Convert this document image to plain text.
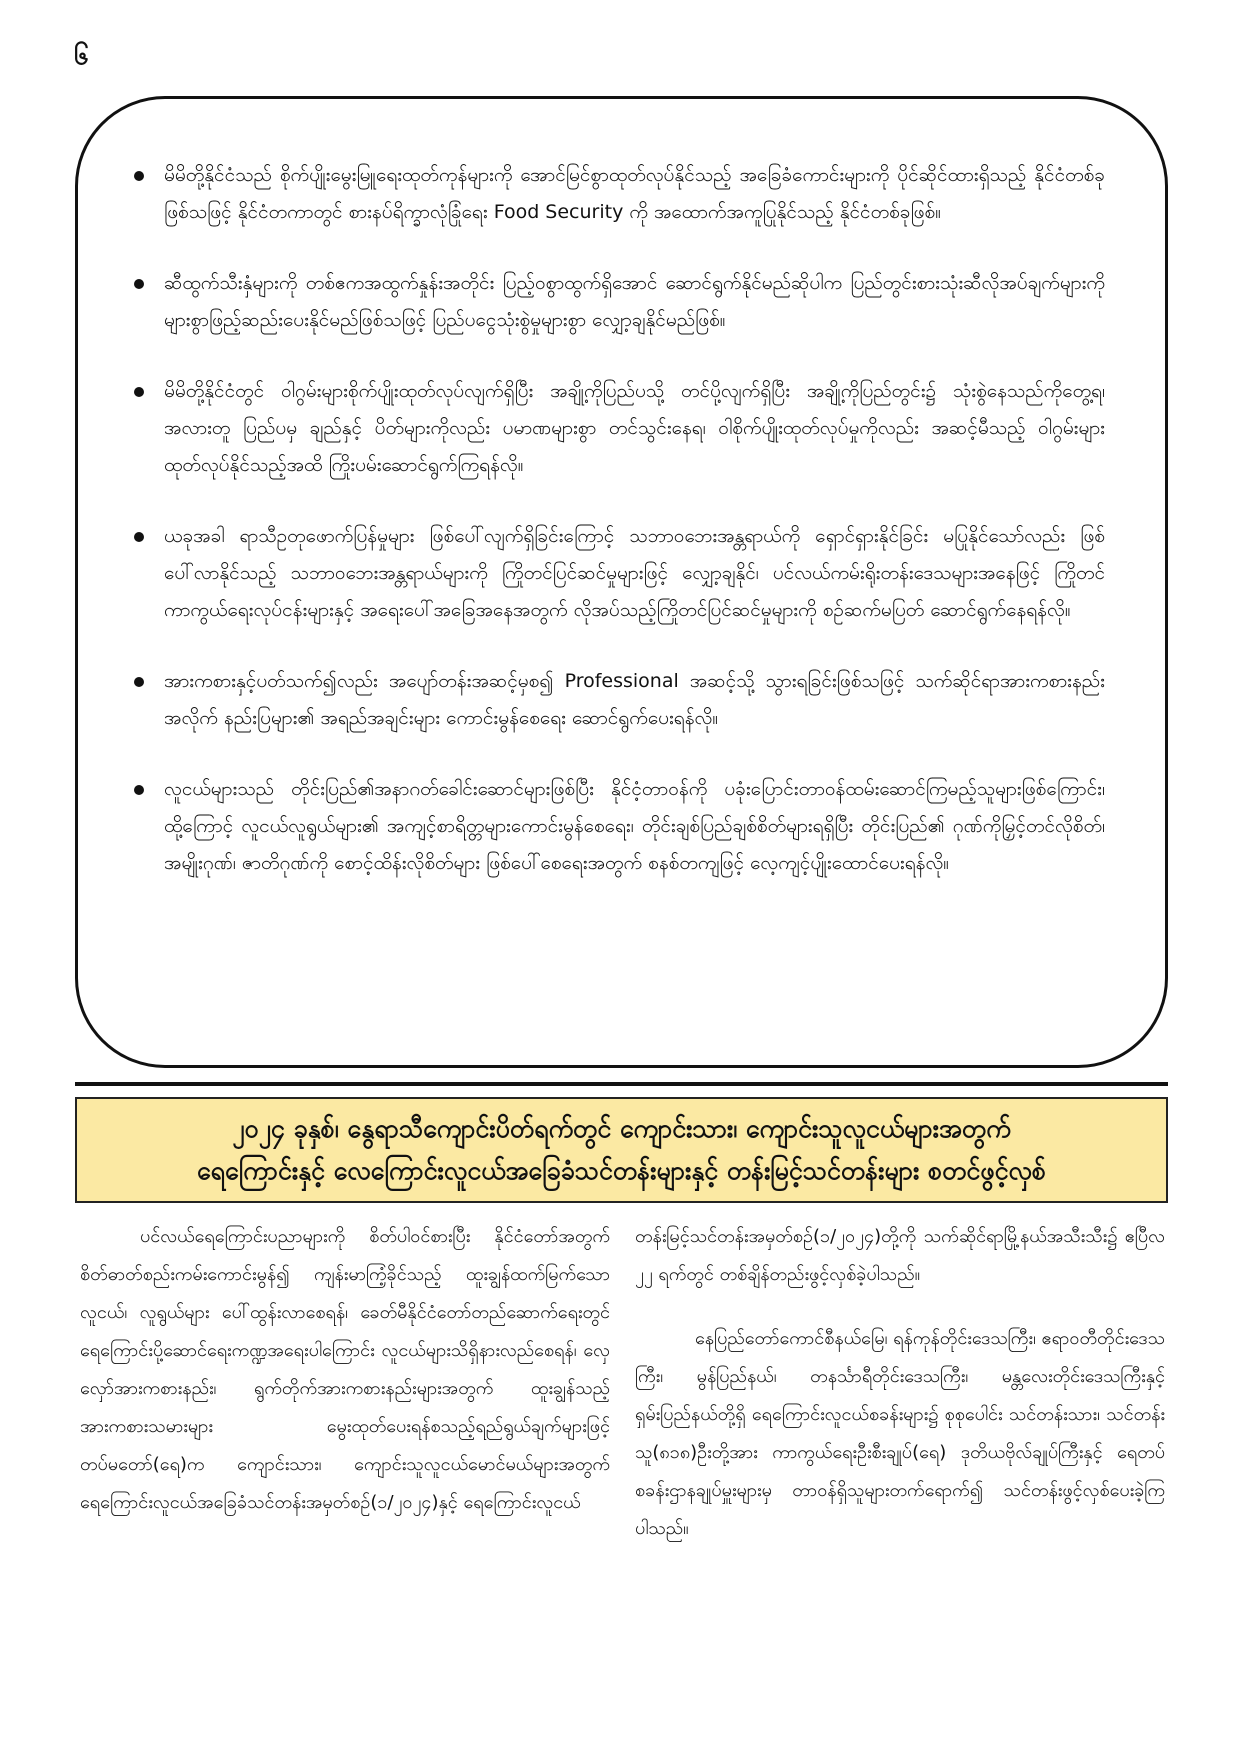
၆
မိမိတို့နိုင်ငံသည် စိုက်ပျိုးမွေးမြူရေးထုတ်ကုန်များကို အောင်မြင်စွာထုတ်လုပ်နိုင်သည့် အခြေခံကောင်းများကို ပိုင်ဆိုင်ထားရှိသည့် နိုင်ငံတစ်ခုဖြစ်သဖြင့် နိုင်ငံတကာတွင် စားနပ်ရိက္ခာလုံခြုံရေး Food Security ကို အထောက်အကူပြုနိုင်သည့် နိုင်ငံတစ်ခုဖြစ်။
ဆီထွက်သီးနှံများကို တစ်ဧကအထွက်နှုန်းအတိုင်း ပြည့်ဝစွာထွက်ရှိအောင် ဆောင်ရွက်နိုင်မည်ဆိုပါက ပြည်တွင်းစားသုံးဆီလိုအပ်ချက်များကို များစွာဖြည့်ဆည်းပေးနိုင်မည်ဖြစ်သဖြင့် ပြည်ပငွေသုံးစွဲမှုများစွာ လျှော့ချနိုင်မည်ဖြစ်။
မိမိတို့နိုင်ငံတွင် ဝါဂွမ်းများစိုက်ပျိုးထုတ်လုပ်လျက်ရှိပြီး အချို့ကိုပြည်ပသို့ တင်ပို့လျက်ရှိပြီး အချို့ကိုပြည်တွင်း၌ သုံးစွဲနေသည်ကိုတွေ့ရ၊ အလားတူ ပြည်ပမှ ချည်နှင့် ပိတ်များကိုလည်း ပမာဏများစွာ တင်သွင်းနေရ၊ ဝါစိုက်ပျိုးထုတ်လုပ်မှုကိုလည်း အဆင့်မီသည့် ဝါဂွမ်းများထုတ်လုပ်နိုင်သည့်အထိ ကြိုးပမ်းဆောင်ရွက်ကြရန်လို။
ယခုအခါ ရာသီဥတုဖောက်ပြန်မှုများ ဖြစ်ပေါ်လျက်ရှိခြင်းကြောင့် သဘာဝဘေးအန္တရာယ်ကို ရှောင်ရှားနိုင်ခြင်း မပြုနိုင်သော်လည်း ဖြစ်ပေါ်လာနိုင်သည့် သဘာဝဘေးအန္တရာယ်များကို ကြိုတင်ပြင်ဆင်မှုများဖြင့် လျှော့ချနိုင်၊ ပင်လယ်ကမ်းရိုးတန်းဒေသများအနေဖြင့် ကြိုတင်ကာကွယ်ရေးလုပ်ငန်းများနှင့် အရေးပေါ်အခြေအနေအတွက် လိုအပ်သည့်ကြိုတင်ပြင်ဆင်မှုများကို စဉ်ဆက်မပြတ် ဆောင်ရွက်နေရန်လို။
အားကစားနှင့်ပတ်သက်၍လည်း အပျော်တန်းအဆင့်မှစ၍ Professional အဆင့်သို့ သွားရခြင်းဖြစ်သဖြင့် သက်ဆိုင်ရာအားကစားနည်းအလိုက် နည်းပြများ၏ အရည်အချင်းများ ကောင်းမွန်စေရေး ဆောင်ရွက်ပေးရန်လို။
လူငယ်များသည် တိုင်းပြည်၏အနာဂတ်ခေါင်းဆောင်များဖြစ်ပြီး နိုင်ငံ့တာဝန်ကို ပခုံးပြောင်းတာဝန်ထမ်းဆောင်ကြမည့်သူများဖြစ်ကြောင်း၊ ထို့ကြောင့် လူငယ်လူရွယ်များ၏ အကျင့်စာရိတ္တများကောင်းမွန်စေရေး၊ တိုင်းချစ်ပြည်ချစ်စိတ်များရရှိပြီး တိုင်းပြည်၏ ဂုဏ်ကိုမြှင့်တင်လိုစိတ်၊ အမျိုးဂုဏ်၊ ဇာတိဂုဏ်ကို စောင့်ထိန်းလိုစိတ်များ ဖြစ်ပေါ်စေရေးအတွက် စနစ်တကျဖြင့် လေ့ကျင့်ပျိုးထောင်ပေးရန်လို။
၂၀၂၄ ခုနှစ်၊ နွေရာသီကျောင်းပိတ်ရက်တွင် ကျောင်းသား၊ ကျောင်းသူလူငယ်များအတွက်
ရေကြောင်းနှင့် လေကြောင်းလူငယ်အခြေခံသင်တန်းများနှင့် တန်းမြင့်သင်တန်းများ စတင်ဖွင့်လှစ်

ပင်လယ်ရေကြောင်းပညာများကို စိတ်ပါဝင်စားပြီး နိုင်ငံတော်အတွက် စိတ်ဓာတ်စည်းကမ်းကောင်းမွန်၍ ကျန်းမာကြံ့ခိုင်သည့် ထူးချွန်ထက်မြက်သော လူငယ်၊ လူရွယ်များ ပေါ်ထွန်းလာစေရန်၊ ခေတ်မီနိုင်ငံတော်တည်ဆောက်ရေးတွင် ရေကြောင်းပို့ဆောင်ရေးကဏ္ဍအရေးပါကြောင်း လူငယ်များသိရှိနားလည်စေရန်၊ လှေလှော်အားကစားနည်း၊ ရွက်တိုက်အားကစားနည်းများအတွက် ထူးချွန်သည့်အားကစားသမားများ မွေးထုတ်ပေးရန်စသည့်ရည်ရွယ်ချက်များဖြင့် တပ်မတော်(ရေ)က ကျောင်းသား၊ ကျောင်းသူလူငယ်မောင်မယ်များအတွက် ရေကြောင်းလူငယ်အခြေခံသင်တန်းအမှတ်စဉ်(၁/၂၀၂၄)နှင့် ရေကြောင်းလူငယ်

တန်းမြင့်သင်တန်းအမှတ်စဉ်(၁/၂၀၂၄)တို့ကို သက်ဆိုင်ရာမြို့နယ်အသီးသီး၌ ဧပြီလ ၂၂ ရက်တွင် တစ်ချိန်တည်းဖွင့်လှစ်ခဲ့ပါသည်။

နေပြည်တော်ကောင်စီနယ်မြေ၊ ရန်ကုန်တိုင်းဒေသကြီး၊ ဧရာဝတီတိုင်းဒေသကြီး၊ မွန်ပြည်နယ်၊ တနင်္သာရီတိုင်းဒေသကြီး၊ မန္တလေးတိုင်းဒေသကြီးနှင့် ရှမ်းပြည်နယ်တို့ရှိ ရေကြောင်းလူငယ်စခန်းများ၌ စုစုပေါင်း သင်တန်းသား၊ သင်တန်းသူ(၈၁၈)ဦးတို့အား ကာကွယ်ရေးဦးစီးချုပ်(ရေ) ဒုတိယဗိုလ်ချုပ်ကြီးနှင့် ရေတပ်စခန်းဌာနချုပ်မှူးများမှ တာဝန်ရှိသူများတက်ရောက်၍ သင်တန်းဖွင့်လှစ်ပေးခဲ့ကြပါသည်။
